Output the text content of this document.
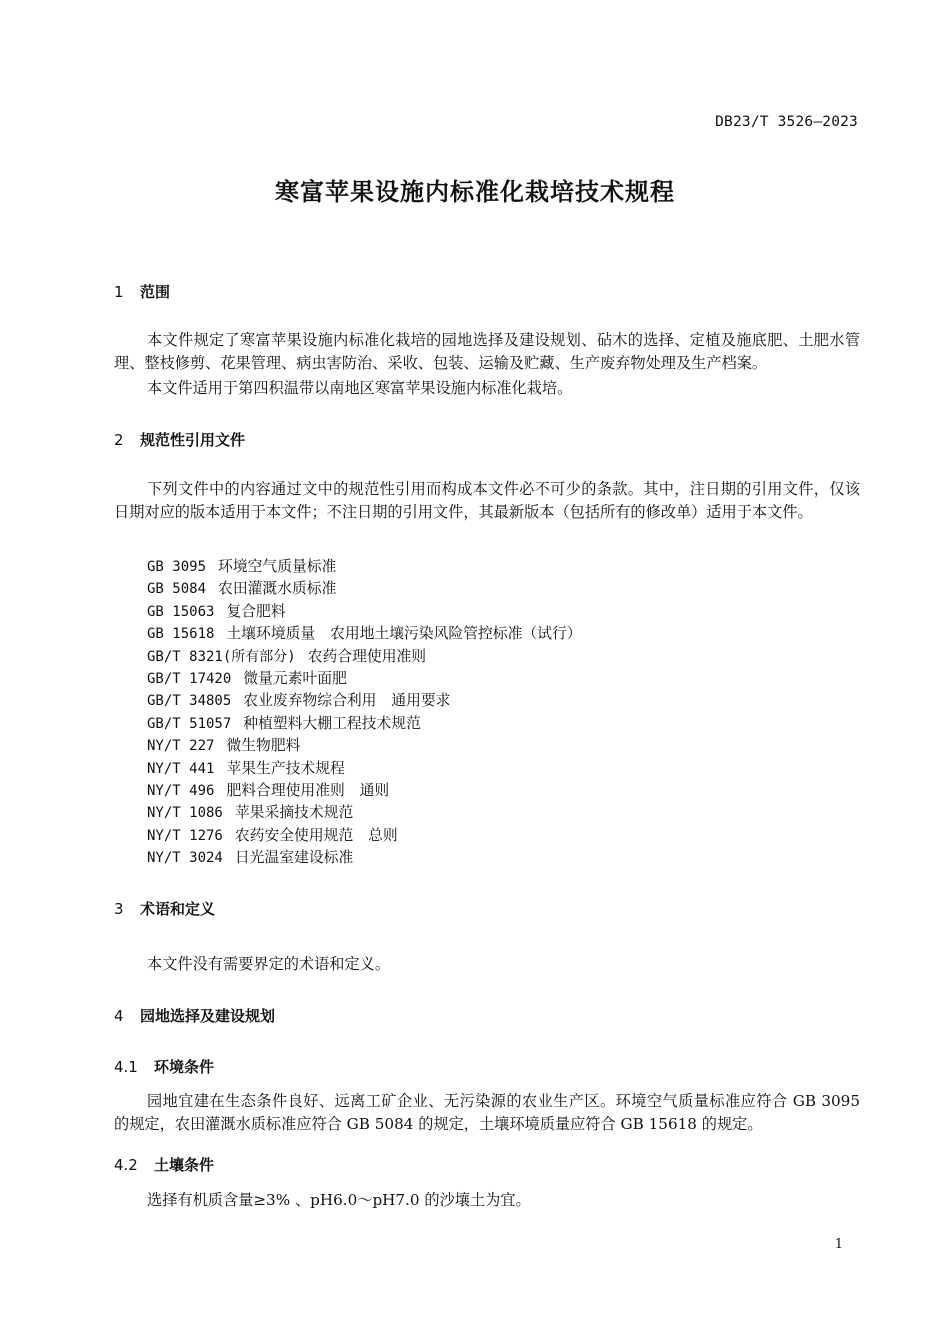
DB23/T 3526—2023
寒富苹果设施内标准化栽培技术规程
1 范围
本文件规定了寒富苹果设施内标准化栽培的园地选择及建设规划、砧木的选择、定植及施底肥、土肥水管理、整枝修剪、花果管理、病虫害防治、采收、包装、运输及贮藏、生产废弃物处理及生产档案。
本文件适用于第四积温带以南地区寒富苹果设施内标准化栽培。
2 规范性引用文件
下列文件中的内容通过文中的规范性引用而构成本文件必不可少的条款。其中，注日期的引用文件，仅该日期对应的版本适用于本文件；不注日期的引用文件，其最新版本（包括所有的修改单）适用于本文件。
GB 3095 环境空气质量标准
GB 5084 农田灌溉水质标准
GB 15063 复合肥料
GB 15618 土壤环境质量　农用地土壤污染风险管控标准（试行）
GB/T 8321(所有部分) 农药合理使用准则
GB/T 17420 微量元素叶面肥
GB/T 34805 农业废弃物综合利用　通用要求
GB/T 51057 种植塑料大棚工程技术规范
NY/T 227 微生物肥料
NY/T 441 苹果生产技术规程
NY/T 496 肥料合理使用准则　通则
NY/T 1086 苹果采摘技术规范
NY/T 1276 农药安全使用规范　总则
NY/T 3024 日光温室建设标准
3 术语和定义
本文件没有需要界定的术语和定义。
4 园地选择及建设规划
4.1 环境条件
园地宜建在生态条件良好、远离工矿企业、无污染源的农业生产区。环境空气质量标准应符合 GB 3095 的规定，农田灌溉水质标准应符合 GB 5084 的规定，土壤环境质量应符合 GB 15618 的规定。
4.2 土壤条件
选择有机质含量≥3% 、pH6.0～pH7.0 的沙壤土为宜。
1
